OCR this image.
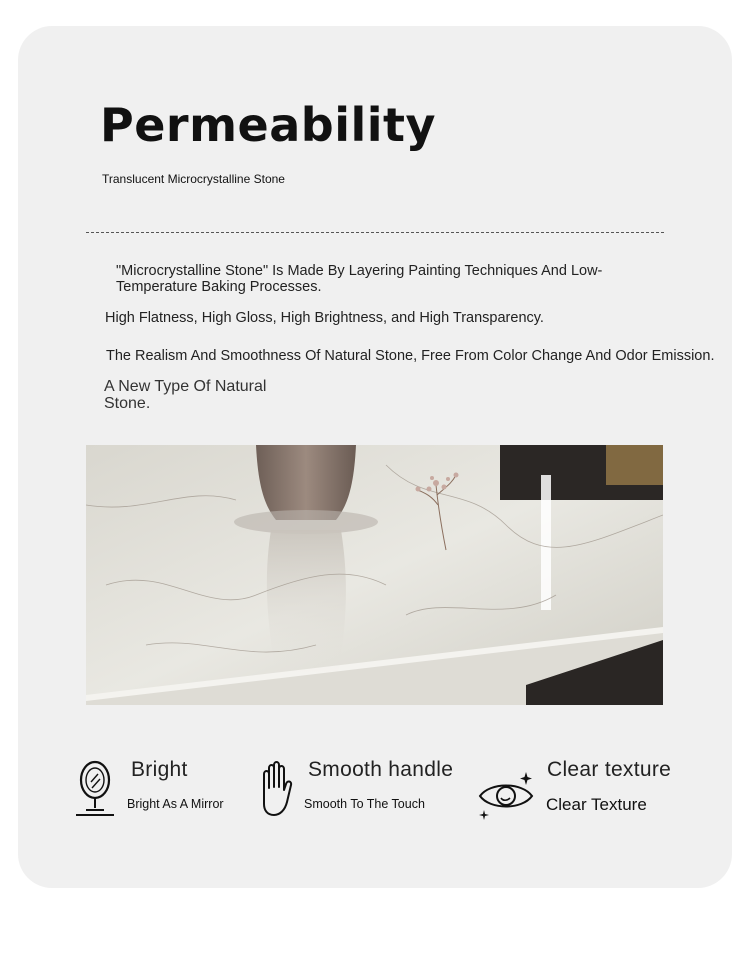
Permeability
Translucent Microcrystalline Stone
"Microcrystalline Stone" Is Made By Layering Painting Techniques And Low-Temperature Baking Processes.
High Flatness, High Gloss, High Brightness, and High Transparency.
The Realism And Smoothness Of Natural Stone, Free From Color Change And Odor Emission.
A New Type Of Natural Stone.
Bright
Bright As A Mirror
Smooth handle
Smooth To The Touch
Clear texture
Clear Texture
